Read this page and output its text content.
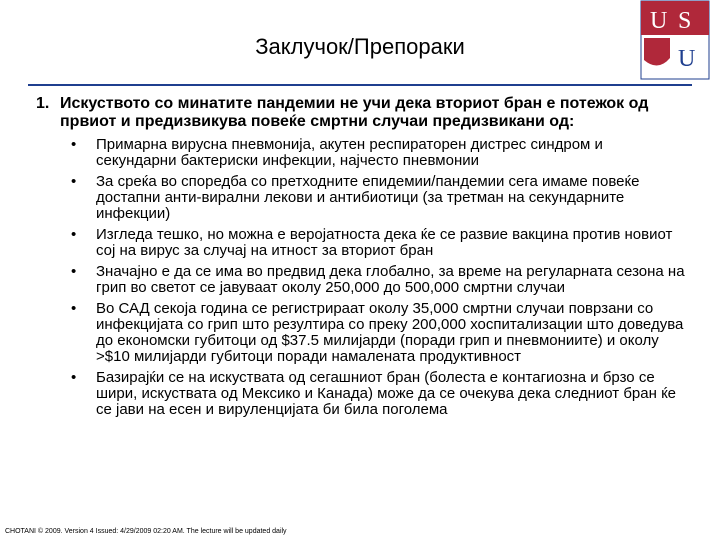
Заклучок/Препораки
U S
U
1. Искуството со минатите пандемии не учи дека вториот бран е потежок од првиот и предизвикува повеќе смртни случаи предизвикани од:
• Примарна вирусна пневмонија, акутен респираторен дистрес синдром и секундарни бактериски инфекции, најчесто пневмонии
• За среќа во споредба со претходните епидемии/пандемии сега имаме повеќе достапни анти-вирални лекови и антибиотици (за третман на секундарните инфекции)
• Изгледа тешко, но можна е веројатноста дека ќе се развие вакцина против новиот сој на вирус за случај на итност за вториот бран
• Значајно е да се има во предвид дека глобално, за време на регуларната сезона на грип во светот се јавуваат околу 250,000 до 500,000 смртни случаи
• Во САД секоја година се регистрираат околу 35,000 смртни случаи поврзани со инфекцијата со грип што резултира со преку 200,000 хоспитализации што доведува до економски губитоци од $37.5 милијарди (поради грип и пневмониите) и околу >$10 милијарди губитоци поради намалената продуктивност
• Базирајќи се на искуствата од сегашниот бран (болеста е контагиозна и брзо се шири, искуствата од Мексико и Канада) може да се очекува дека следниот бран ќе се јави на есен и вируленцијата би била поголема
CHOTANI © 2009. Version 4 Issued: 4/29/2009 02:20 AM. The lecture will be updated daily
